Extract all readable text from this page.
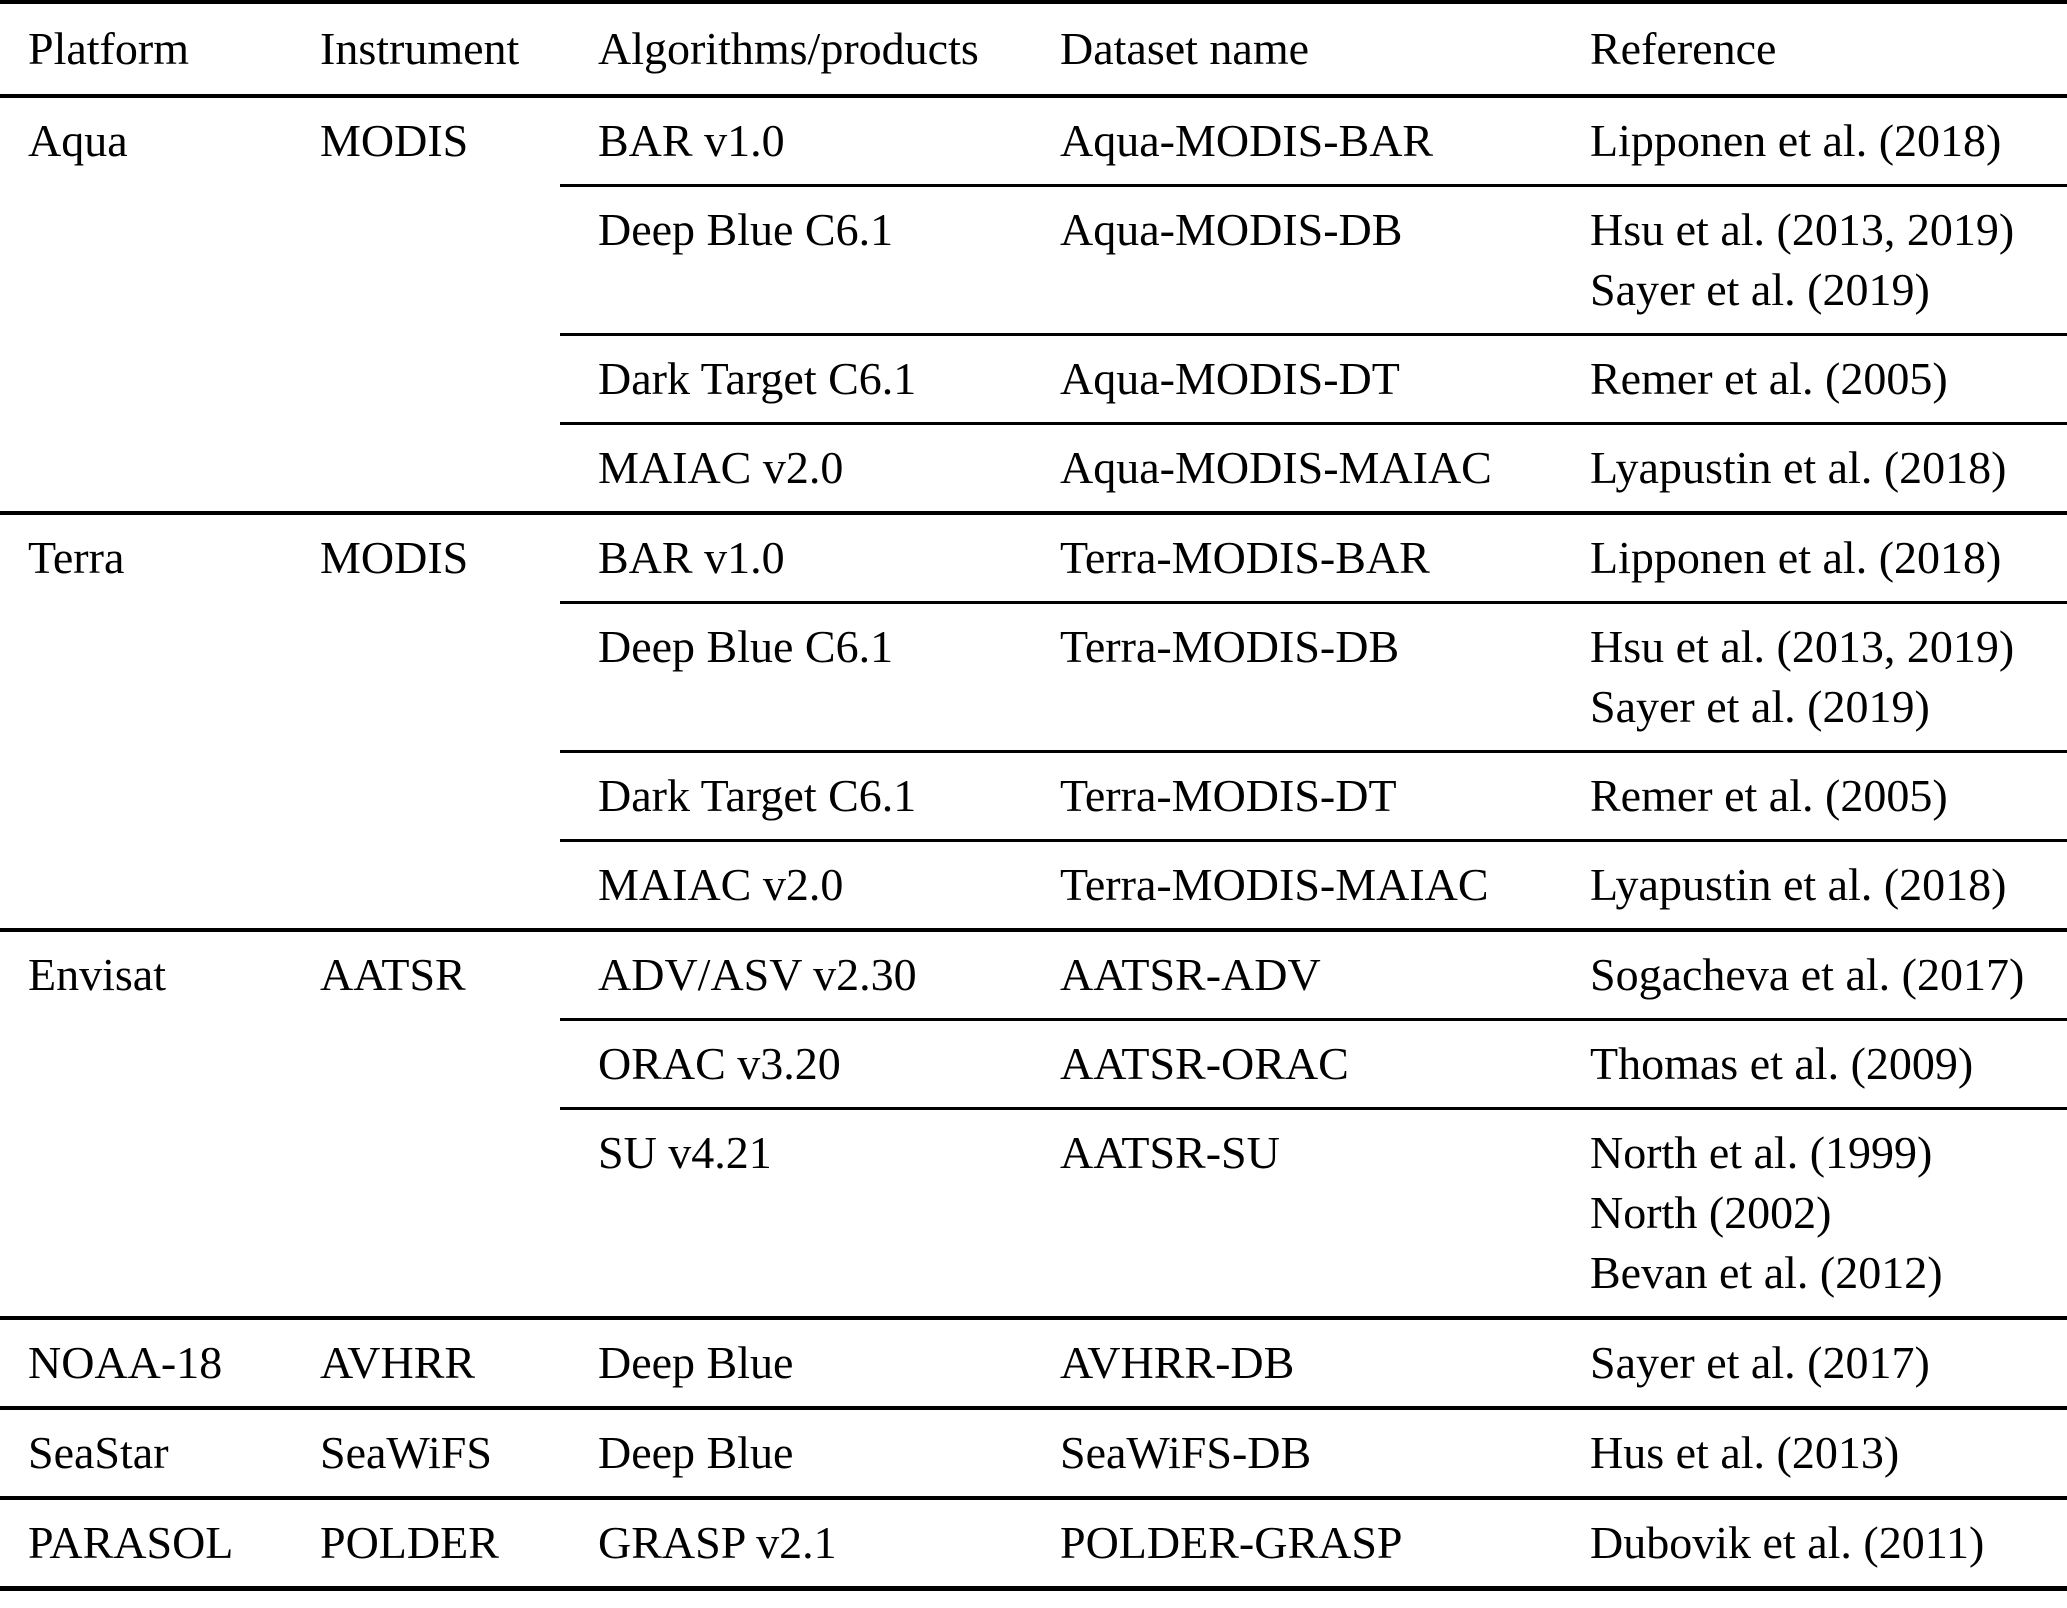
Platform	Instrument	Algorithms/products	Dataset name	Reference
Aqua	MODIS	BAR v1.0	Aqua-MODIS-BAR	Lipponen et al. (2018)

		Deep Blue C6.1	Aqua-MODIS-DB	Hsu et al. (2013, 2019)
Sayer et al. (2019)

		Dark Target C6.1	Aqua-MODIS-DT	Remer et al. (2005)

		MAIAC v2.0	Aqua-MODIS-MAIAC	Lyapustin et al. (2018)

Terra	MODIS	BAR v1.0	Terra-MODIS-BAR	Lipponen et al. (2018)

		Deep Blue C6.1	Terra-MODIS-DB	Hsu et al. (2013, 2019)
Sayer et al. (2019)

		Dark Target C6.1	Terra-MODIS-DT	Remer et al. (2005)

		MAIAC v2.0	Terra-MODIS-MAIAC	Lyapustin et al. (2018)

Envisat	AATSR	ADV/ASV v2.30	AATSR-ADV	Sogacheva et al. (2017)

		ORAC v3.20	AATSR-ORAC	Thomas et al. (2009)

		SU v4.21	AATSR-SU	North et al. (1999)
North (2002)
Bevan et al. (2012)

NOAA-18	AVHRR	Deep Blue	AVHRR-DB	Sayer et al. (2017)

SeaStar	SeaWiFS	Deep Blue	SeaWiFS-DB	Hus et al. (2013)

PARASOL	POLDER	GRASP v2.1	POLDER-GRASP	Dubovik et al. (2011)
